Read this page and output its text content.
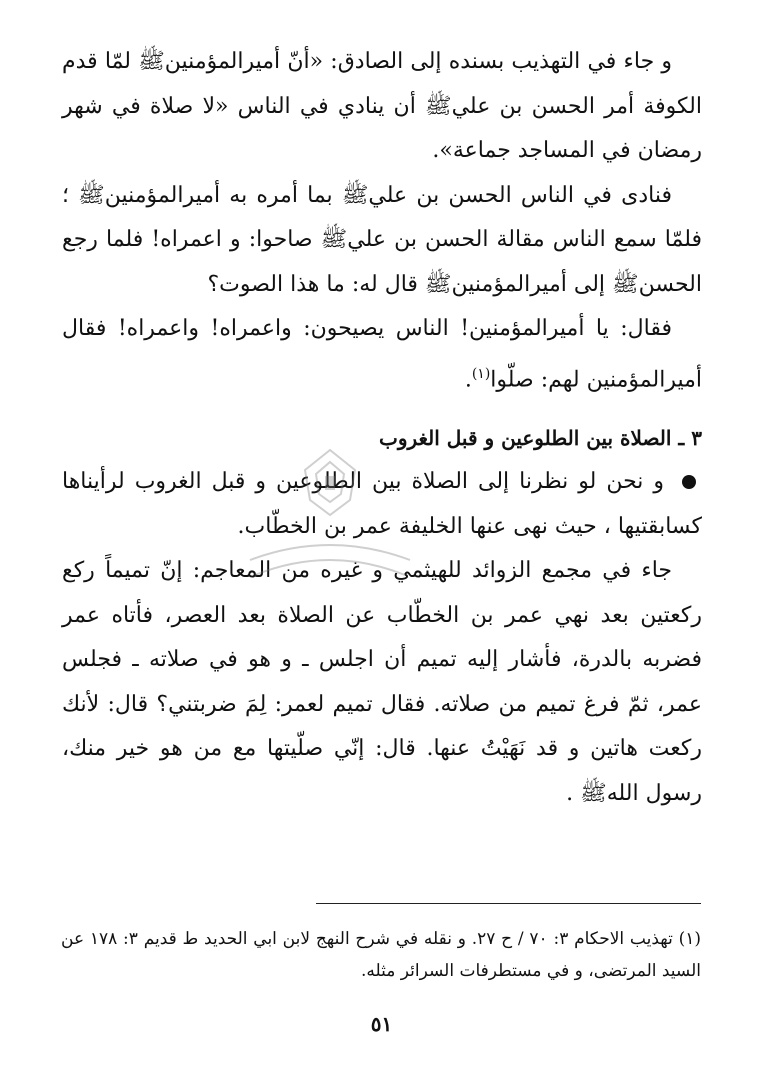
و جاء في التهذيب بسنده إلى الصادق: «أنّ أميرالمؤمنينﷺ لمّا قدم الكوفة أمر الحسن بن عليﷺ أن ينادي في الناس «لا صلاة في شهر رمضان في المساجد جماعة».

فنادى في الناس الحسن بن عليﷺ بما أمره به أميرالمؤمنينﷺ ؛ فلمّا سمع الناس مقالة الحسن بن عليﷺ صاحوا: و اعمراه! فلما رجع الحسنﷺ إلى أميرالمؤمنينﷺ قال له: ما هذا الصوت؟

فقال: يا أميرالمؤمنين! الناس يصيحون: واعمراه! واعمراه! فقال أميرالمؤمنين لهم: صلّوا$^{(١)}$.

٣ ـ الصلاة بين الطلوعين و قبل الغروب

و نحن لو نظرنا إلى الصلاة بين الطلوعين و قبل الغروب لرأيناها كسابقتيها ، حيث نهى عنها الخليفة عمر بن الخطّاب.

جاء في مجمع الزوائد للهيثمي و غيره من المعاجم: إنّ تميماً ركع ركعتين بعد نهي عمر بن الخطّاب عن الصلاة بعد العصر، فأتاه عمر فضربه بالدرة، فأشار إليه تميم أن اجلس ـ و هو في صلاته ـ فجلس عمر، ثمّ فرغ تميم من صلاته. فقال تميم لعمر: لِمَ ضربتني؟ قال: لأنك ركعت هاتين و قد نَهَيْتُ عنها. قال: إنّي صلّيتها مع من هو خير منك، رسول اللهﷺ .

(١) تهذيب الاحكام ٣: ٧٠ / ح ٢٧. و نقله في شرح النهج لابن ابي الحديد ط قديم ٣: ١٧٨ عن السيد المرتضى، و في مستطرفات السرائر مثله.
٥١
